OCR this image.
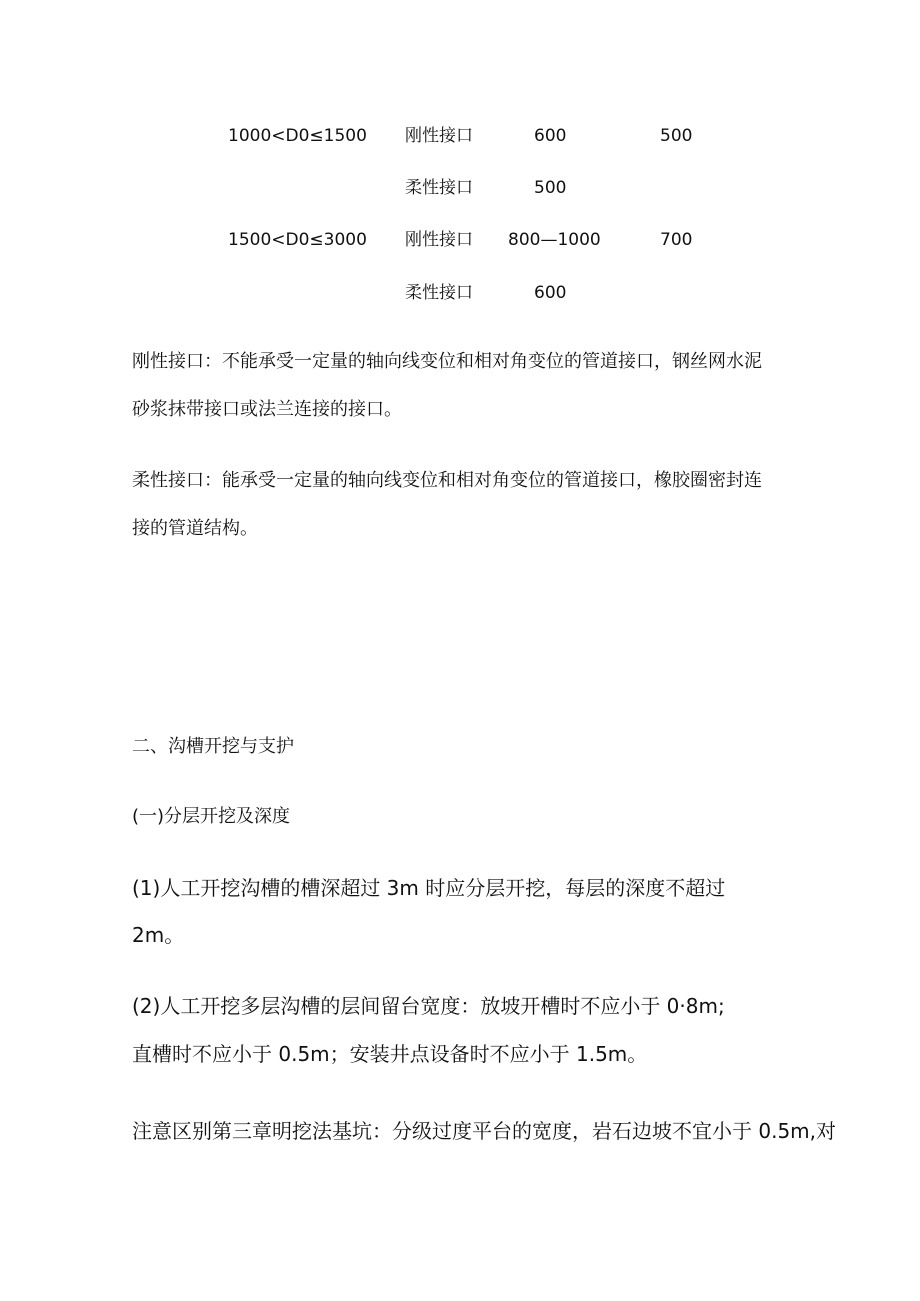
1000<D0≤1500 刚性接口	600	500
柔性接口	500
1500<D0≤3000 刚性接口 800—1000	700
柔性接口	600
刚性接口：不能承受一定量的轴向线变位和相对角变位的管道接口，钢丝网水泥
砂浆抹带接口或法兰连接的接口。
柔性接口：能承受一定量的轴向线变位和相对角变位的管道接口，橡胶圈密封连
接的管道结构。
二、沟槽开挖与支护
(一)分层开挖及深度
(1)人工开挖沟槽的槽深超过 3m 时应分层开挖，每层的深度不超过
2m。
(2)人工开挖多层沟槽的层间留台宽度：放坡开槽时不应小于 0·8m;
直槽时不应小于 0.5m；安装井点设备时不应小于 1.5m。
注意区别第三章明挖法基坑：分级过度平台的宽度，岩石边坡不宜小于 0.5m,对
